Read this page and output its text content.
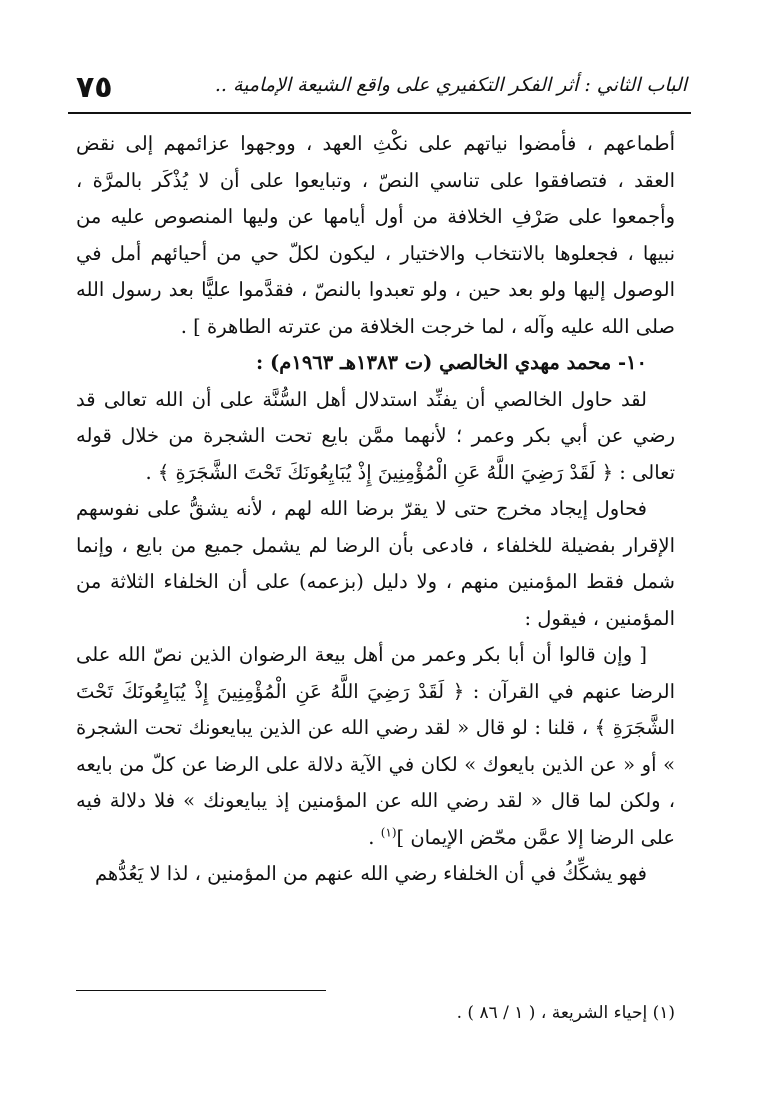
٧٥	الباب الثاني : أثر الفكر التكفيري على واقع الشيعة الإمامية ..

أطماعهم ، فأمضوا نياتهم على نكْثِ العهد ، ووجهوا عزائمهم إلى نقض العقد ، فتصافقوا على تناسي النصّ ، وتبايعوا على أن لا يُذْكَر بالمرَّة ، وأجمعوا على صَرْفِ الخلافة من أول أيامها عن وليها المنصوص عليه من نبيها ، فجعلوها بالانتخاب والاختيار ، ليكون لكلّ حي من أحيائهم أمل في الوصول إليها ولو بعد حين ، ولو تعبدوا بالنصّ ، فقدَّموا عليًّا بعد رسول الله صلى الله عليه وآله ، لما خرجت الخلافة من عترته الطاهرة ] .

١٠- محمد مهدي الخالصي (ت ١٣٨٣هـ ١٩٦٣م) :

لقد حاول الخالصي أن يفنِّد استدلال أهل السُّنَّة على أن الله تعالى قد رضي عن أبي بكر وعمر ؛ لأنهما ممَّن بايع تحت الشجرة من خلال قوله تعالى : ﴿ لَقَدْ رَضِيَ اللَّهُ عَنِ الْمُؤْمِنِينَ إِذْ يُبَايِعُونَكَ تَحْتَ الشَّجَرَةِ ﴾ .

فحاول إيجاد مخرج حتى لا يقرّ برضا الله لهم ، لأنه يشقُّ على نفوسهم الإقرار بفضيلة للخلفاء ، فادعى بأن الرضا لم يشمل جميع من بايع ، وإنما شمل فقط المؤمنين منهم ، ولا دليل (بزعمه) على أن الخلفاء الثلاثة من المؤمنين ، فيقول :

[ وإن قالوا أن أبا بكر وعمر من أهل بيعة الرضوان الذين نصّ الله على الرضا عنهم في القرآن : ﴿ لَقَدْ رَضِيَ اللَّهُ عَنِ الْمُؤْمِنِينَ إِذْ يُبَايِعُونَكَ تَحْتَ الشَّجَرَةِ ﴾ ، قلنا : لو قال « لقد رضي الله عن الذين يبايعونك تحت الشجرة » أو « عن الذين بايعوك » لكان في الآية دلالة على الرضا عن كلّ من بايعه ، ولكن لما قال « لقد رضي الله عن المؤمنين إذ يبايعونك » فلا دلالة فيه على الرضا إلا عمَّن محّض الإيمان ]$^{(١)}$ .

فهو يشكِّكُ في أن الخلفاء رضي الله عنهم من المؤمنين ، لذا لا يَعُدُّهم

(١) إحياء الشريعة ، ( ١ / ٨٦ ) .
